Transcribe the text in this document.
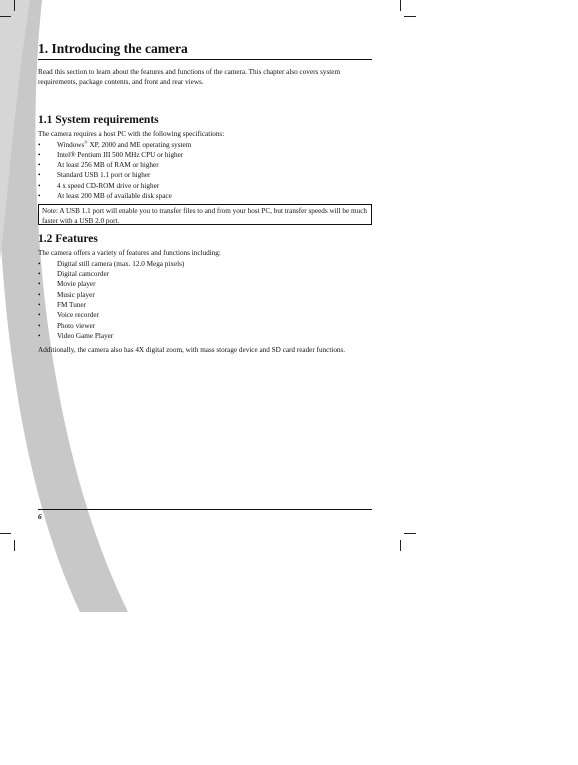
1. Introducing the camera

Read this section to learn about the features and functions of the camera. This chapter also covers system requirements, package contents, and front and rear views.

1.1 System requirements

The camera requires a host PC with the following specifications:

• Windows® XP, 2000 and ME operating system
• Intel® Pentium III 500 MHz CPU or higher
• At least 256 MB of RAM or higher
• Standard USB 1.1 port or higher
• 4 x speed CD-ROM drive or higher
• At least 200 MB of available disk space
Note: A USB 1.1 port will enable you to transfer files to and from your host PC, but transfer speeds will be much faster with a USB 2.0 port.
1.2 Features

The camera offers a variety of features and functions including:

• Digital still camera (max. 12.0 Mega pixels)
• Digital camcorder
• Movie player
• Music player
• FM Tuner
• Voice recorder
• Photo viewer
• Video Game Player

Additionally, the camera also has 4X digital zoom, with mass storage device and SD card reader functions.

6
